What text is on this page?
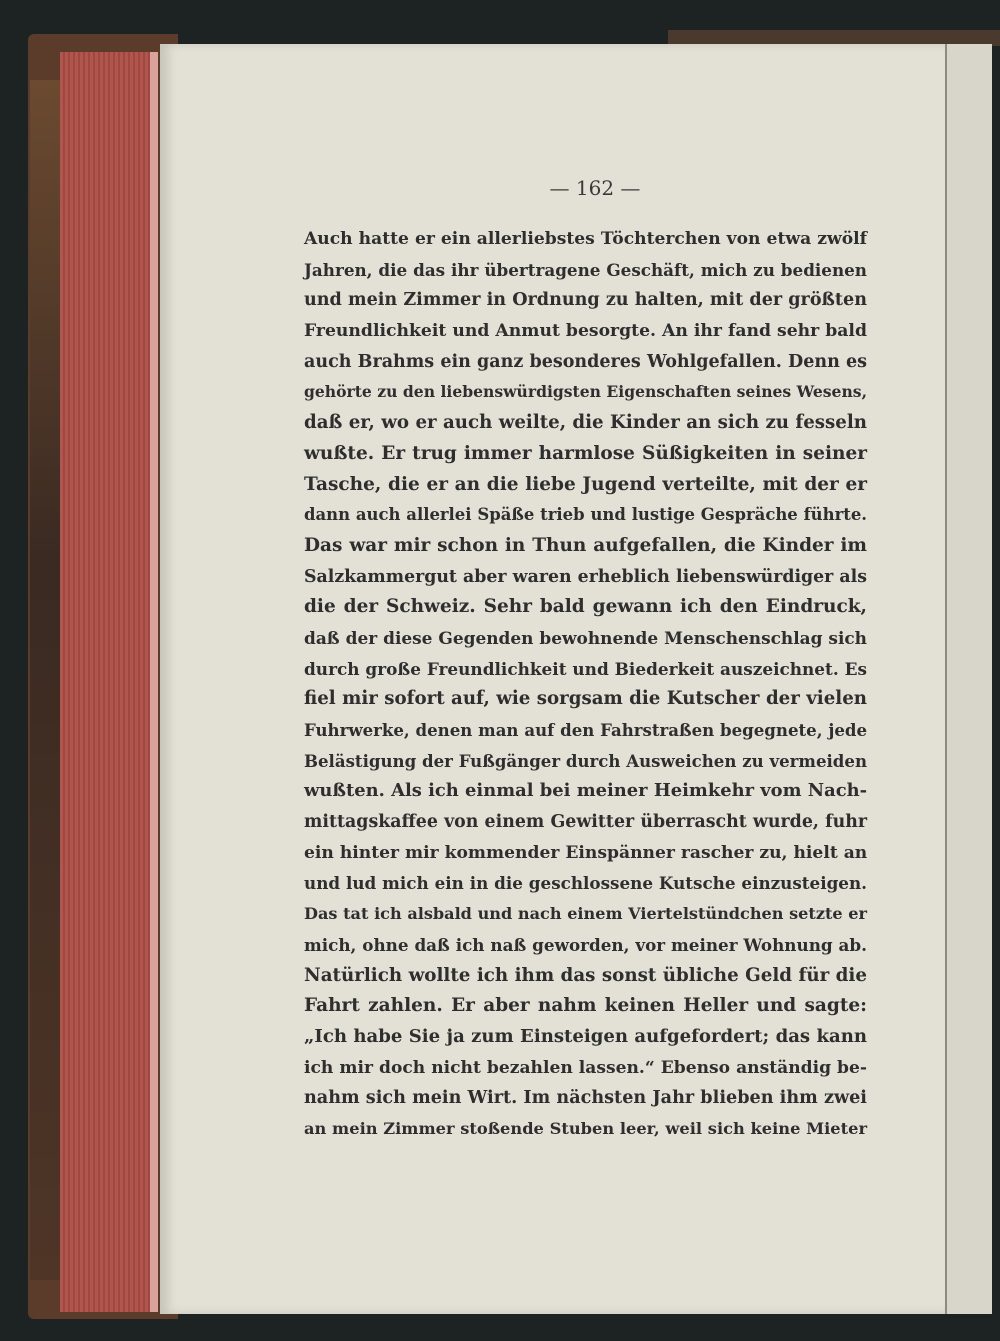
— 162 —
Auch hatte er ein allerliebstes Töchterchen von etwa zwölf
Jahren, die das ihr übertragene Geschäft, mich zu bedienen
und mein Zimmer in Ordnung zu halten, mit der größten
Freundlichkeit und Anmut besorgte. An ihr fand sehr bald
auch Brahms ein ganz besonderes Wohlgefallen. Denn es
gehörte zu den liebenswürdigsten Eigenschaften seines Wesens,
daß er, wo er auch weilte, die Kinder an sich zu fesseln
wußte. Er trug immer harmlose Süßigkeiten in seiner
Tasche, die er an die liebe Jugend verteilte, mit der er
dann auch allerlei Späße trieb und lustige Gespräche führte.
Das war mir schon in Thun aufgefallen, die Kinder im
Salzkammergut aber waren erheblich liebenswürdiger als
die der Schweiz. Sehr bald gewann ich den Eindruck,
daß der diese Gegenden bewohnende Menschenschlag sich
durch große Freundlichkeit und Biederkeit auszeichnet. Es
fiel mir sofort auf, wie sorgsam die Kutscher der vielen
Fuhrwerke, denen man auf den Fahrstraßen begegnete, jede
Belästigung der Fußgänger durch Ausweichen zu vermeiden
wußten. Als ich einmal bei meiner Heimkehr vom Nach-
mittagskaffee von einem Gewitter überrascht wurde, fuhr
ein hinter mir kommender Einspänner rascher zu, hielt an
und lud mich ein in die geschlossene Kutsche einzusteigen.
Das tat ich alsbald und nach einem Viertelstündchen setzte er
mich, ohne daß ich naß geworden, vor meiner Wohnung ab.
Natürlich wollte ich ihm das sonst übliche Geld für die
Fahrt zahlen. Er aber nahm keinen Heller und sagte:
„Ich habe Sie ja zum Einsteigen aufgefordert; das kann
ich mir doch nicht bezahlen lassen.“ Ebenso anständig be-
nahm sich mein Wirt. Im nächsten Jahr blieben ihm zwei
an mein Zimmer stoßende Stuben leer, weil sich keine Mieter
